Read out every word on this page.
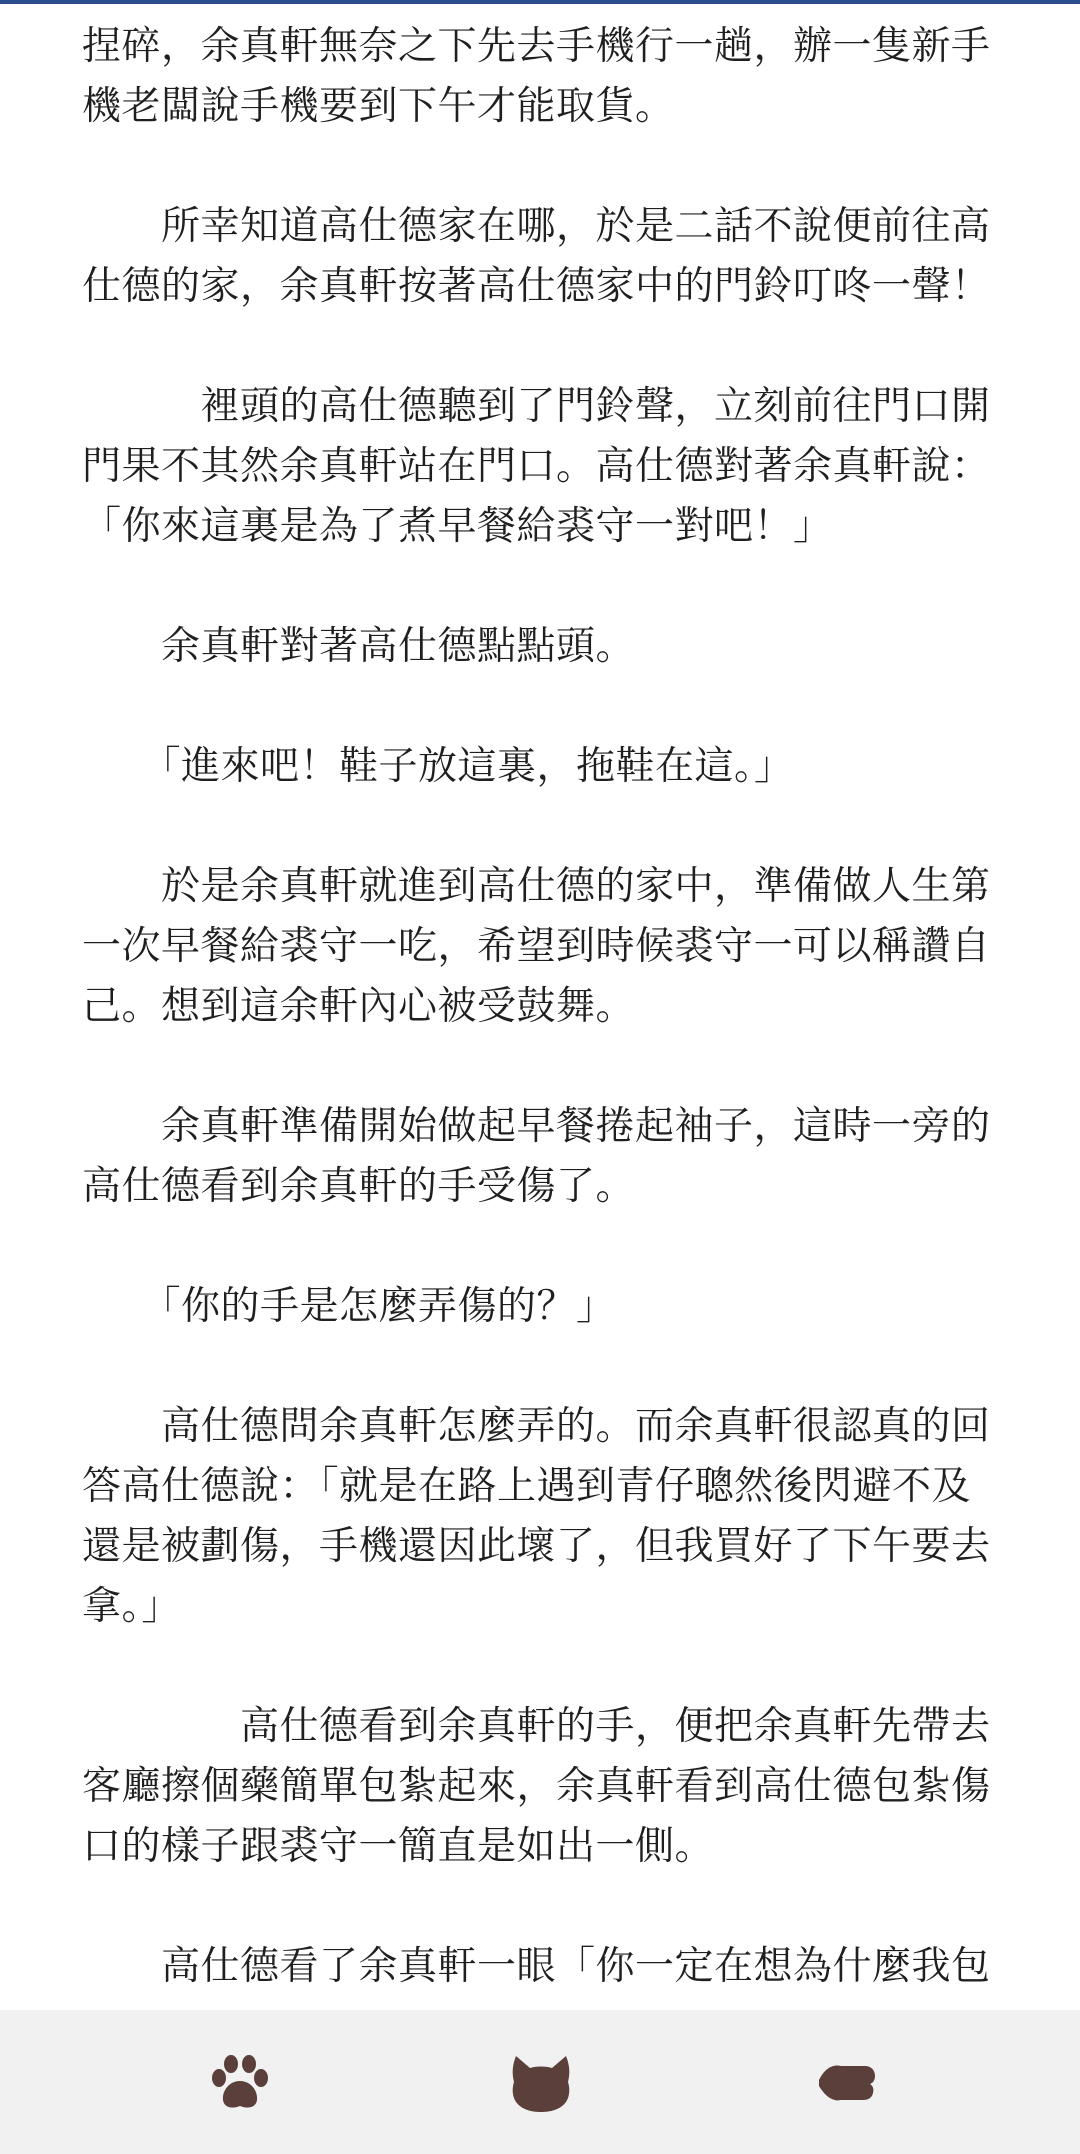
捏碎，余真軒無奈之下先去手機行一趟，辦一隻新手機老闆說手機要到下午才能取貨。

　　所幸知道高仕德家在哪，於是二話不說便前往高仕德的家，余真軒按著高仕德家中的門鈴叮咚一聲！

　　　裡頭的高仕德聽到了門鈴聲，立刻前往門口開門果不其然余真軒站在門口。高仕德對著余真軒說：「你來這裏是為了煮早餐給裘守一對吧！」

　　余真軒對著高仕德點點頭。

　　「進來吧！鞋子放這裏，拖鞋在這。」

　　於是余真軒就進到高仕德的家中，準備做人生第一次早餐給裘守一吃，希望到時候裘守一可以稱讚自己。想到這余軒內心被受鼓舞。

　　余真軒準備開始做起早餐捲起袖子，這時一旁的高仕德看到余真軒的手受傷了。

　　「你的手是怎麼弄傷的？」

　　高仕德問余真軒怎麼弄的。而余真軒很認真的回答高仕德說：「就是在路上遇到青仔聰然後閃避不及還是被劃傷，手機還因此壞了，但我買好了下午要去拿。」

　　　　高仕德看到余真軒的手，便把余真軒先帶去客廳擦個藥簡單包紮起來，余真軒看到高仕德包紮傷口的樣子跟裘守一簡直是如出一側。

　　高仕德看了余真軒一眼「你一定在想為什麼我包
